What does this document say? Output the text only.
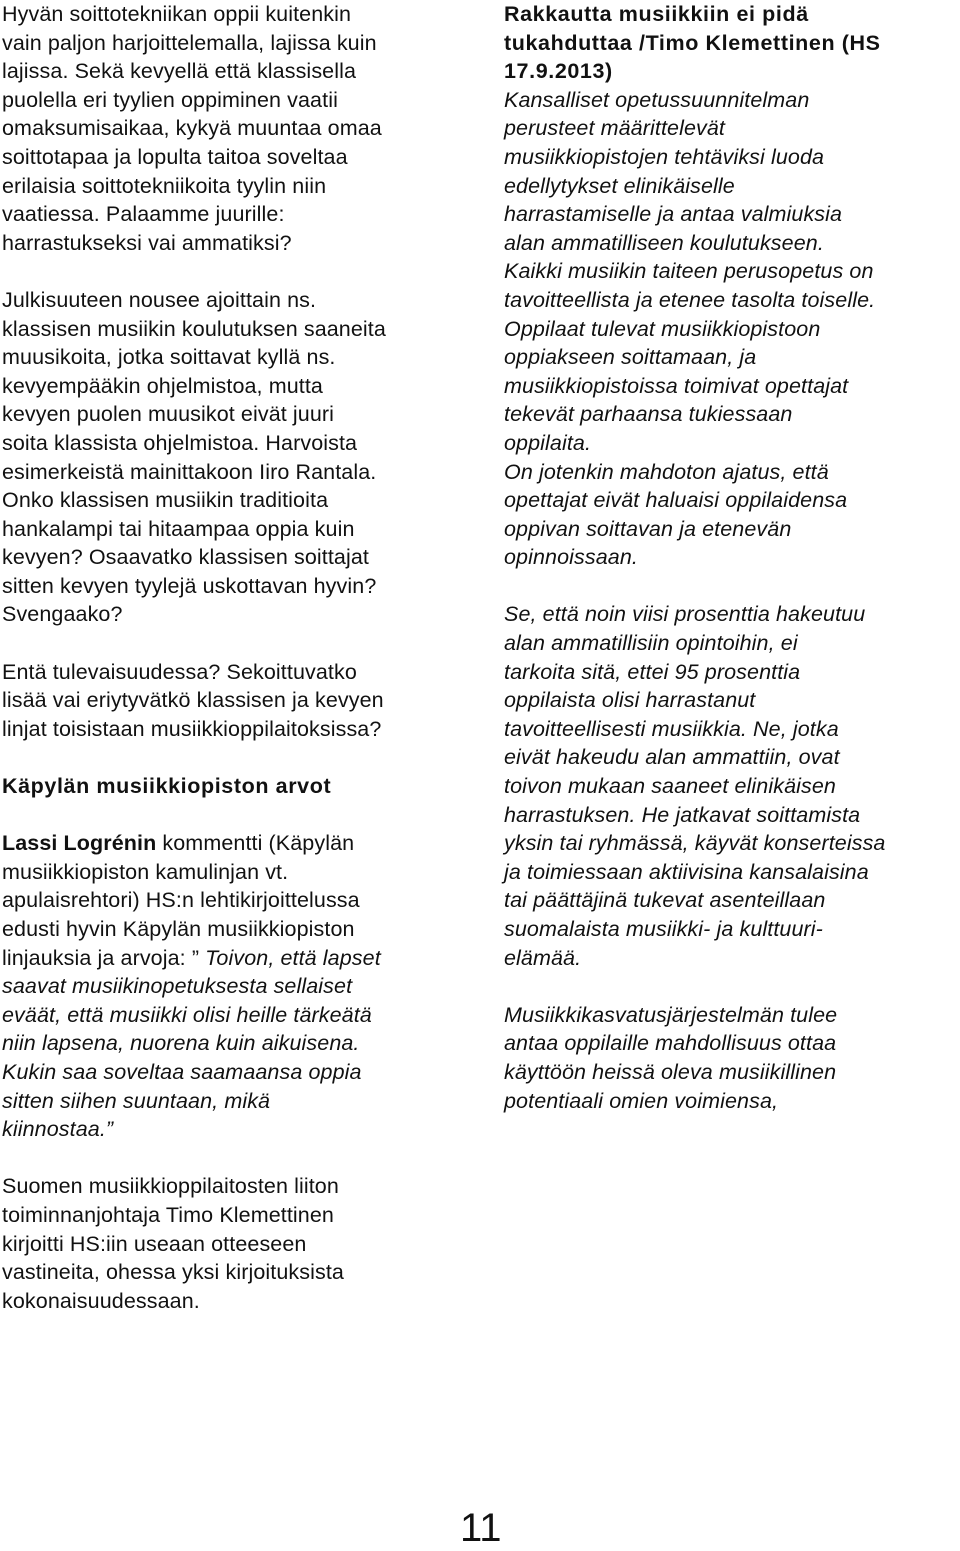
Hyvän soittotekniikan oppii kuitenkin
vain paljon harjoittelemalla, lajissa kuin
lajissa. Sekä kevyellä että klassisella
puolella eri tyylien oppiminen vaatii
omaksumisaikaa, kykyä muuntaa omaa
soittotapaa ja lopulta taitoa soveltaa
erilaisia soittotekniikoita tyylin niin
vaatiessa. Palaamme juurille:
harrastukseksi vai ammatiksi?

Julkisuuteen nousee ajoittain ns.
klassisen musiikin koulutuksen saaneita
muusikoita, jotka soittavat kyllä ns.
kevyempääkin ohjelmistoa, mutta
kevyen puolen muusikot eivät juuri
soita klassista ohjelmistoa. Harvoista
esimerkeistä mainittakoon Iiro Rantala.
Onko klassisen musiikin traditioita
hankalampi tai hitaampaa oppia kuin
kevyen? Osaavatko klassisen soittajat
sitten kevyen tyylejä uskottavan hyvin?
Svengaako?

Entä tulevaisuudessa? Sekoittuvatko
lisää vai eriytyvätkö klassisen ja kevyen
linjat toisistaan musiikkioppilaitoksissa?

Käpylän musiikkiopiston arvot

Lassi Logrénin kommentti (Käpylän
musiikkiopiston kamulinjan vt.
apulaisrehtori) HS:n lehtikirjoittelussa
edusti hyvin Käpylän musiikkiopiston
linjauksia ja arvoja: ” Toivon, että lapset
saavat musiikinopetuksesta sellaiset
eväät, että musiikki olisi heille tärkeätä
niin lapsena, nuorena kuin aikuisena.
Kukin saa soveltaa saamaansa oppia
sitten siihen suuntaan, mikä
kiinnostaa.”

Suomen musiikkioppilaitosten liiton
toiminnanjohtaja Timo Klemettinen
kirjoitti HS:iin useaan otteeseen
vastineita, ohessa yksi kirjoituksista
kokonaisuudessaan.

Rakkautta musiikkiin ei pidä
tukahduttaa /Timo Klemettinen (HS
17.9.2013)

Kansalliset opetussuunnitelman
perusteet määrittelevät
musiikkiopistojen tehtäviksi luoda
edellytykset elinikäiselle
harrastamiselle ja antaa valmiuksia
alan ammatilliseen koulutukseen.
Kaikki musiikin taiteen perusopetus on
tavoitteellista ja etenee tasolta toiselle.
Oppilaat tulevat musiikkiopistoon
oppiakseen soittamaan, ja
musiikkiopistoissa toimivat opettajat
tekevät parhaansa tukiessaan
oppilaita.
On jotenkin mahdoton ajatus, että
opettajat eivät haluaisi oppilaidensa
oppivan soittavan ja etenevän
opinnoissaan.

Se, että noin viisi prosenttia hakeutuu
alan ammatillisiin opintoihin, ei
tarkoita sitä, ettei 95 prosenttia
oppilaista olisi harrastanut
tavoitteellisesti musiikkia. Ne, jotka
eivät hakeudu alan ammattiin, ovat
toivon mukaan saaneet elinikäisen
harrastuksen. He jatkavat soittamista
yksin tai ryhmässä, käyvät konserteissa
ja toimiessaan aktiivisina kansalaisina
tai päättäjinä tukevat asenteillaan
suomalaista musiikki- ja kulttuuri-
elämää.

Musiikkikasvatusjärjestelmän tulee
antaa oppilaille mahdollisuus ottaa
käyttöön heissä oleva musiikillinen
potentiaali omien voimiensa,

11
